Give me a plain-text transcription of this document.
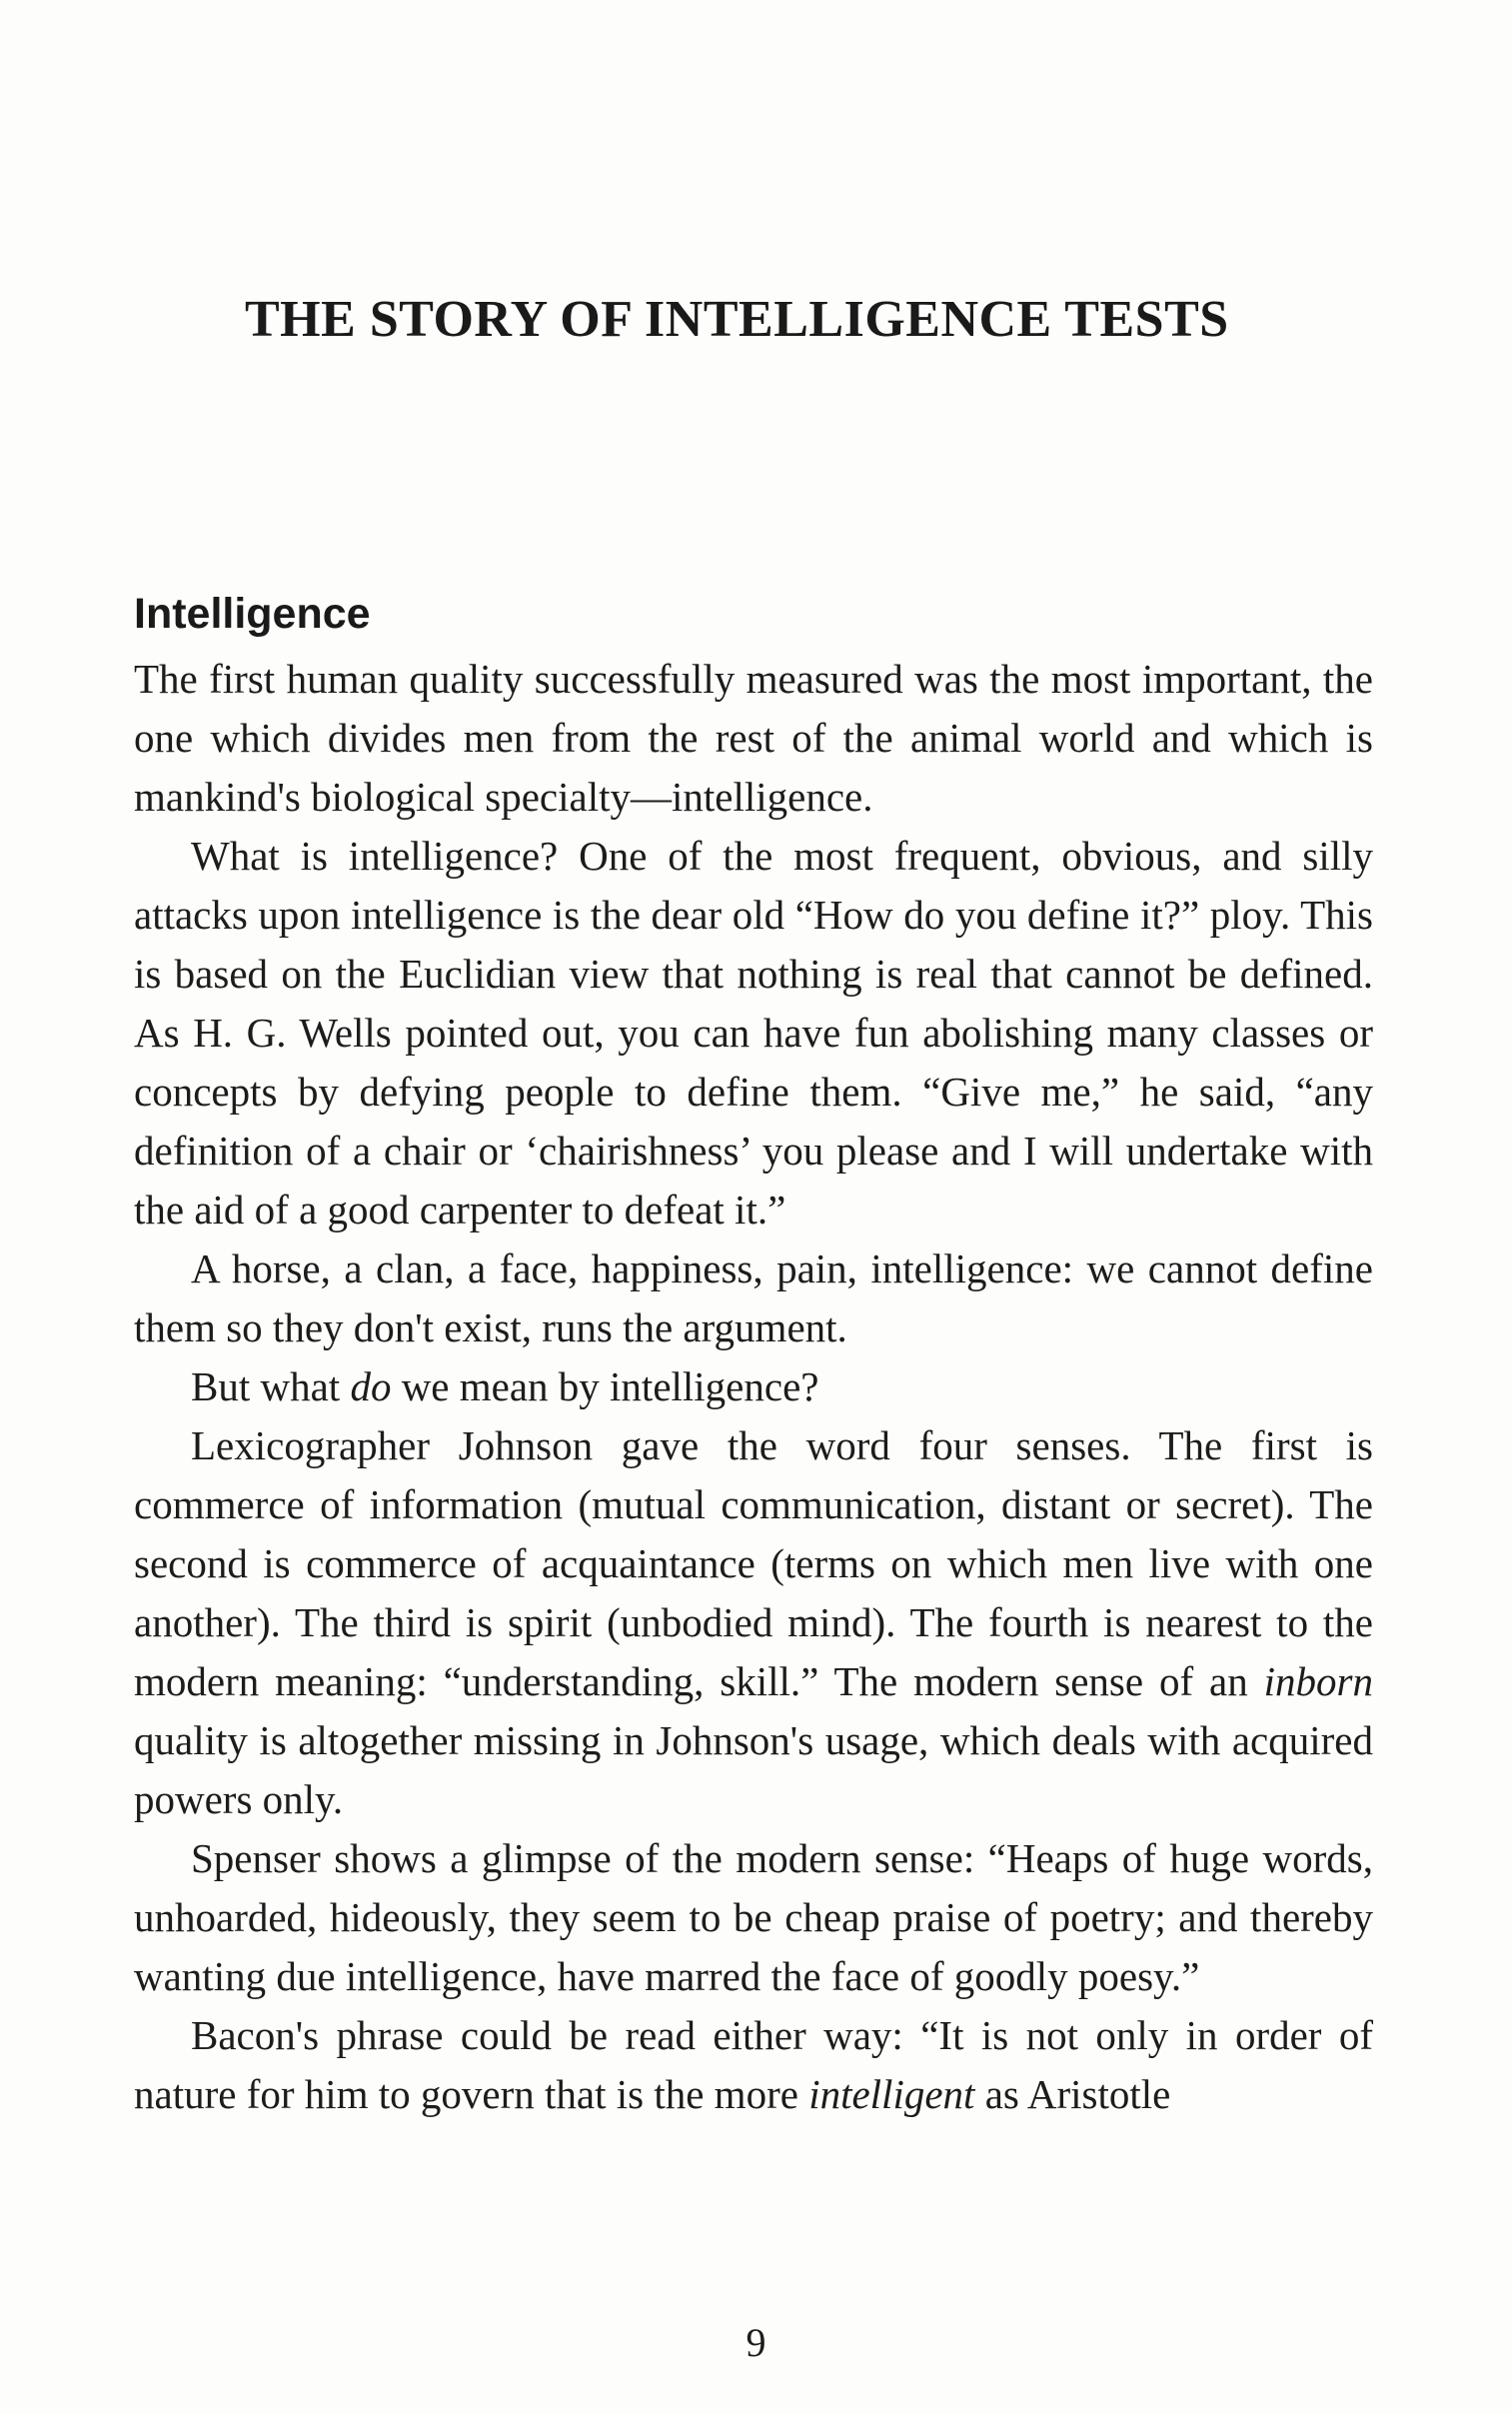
THE STORY OF INTELLIGENCE TESTS
Intelligence

The first human quality successfully measured was the most important, the one which divides men from the rest of the animal world and which is mankind's biological specialty—intelligence.

What is intelligence? One of the most frequent, obvious, and silly attacks upon intelligence is the dear old “How do you define it?” ploy. This is based on the Euclidian view that nothing is real that cannot be defined. As H. G. Wells pointed out, you can have fun abolishing many classes or concepts by defying people to define them. “Give me,” he said, “any definition of a chair or ‘chairishness’ you please and I will undertake with the aid of a good carpenter to defeat it.”

A horse, a clan, a face, happiness, pain, intelligence: we cannot define them so they don't exist, runs the argument.

But what do we mean by intelligence?

Lexicographer Johnson gave the word four senses. The first is commerce of information (mutual communication, distant or secret). The second is commerce of acquaintance (terms on which men live with one another). The third is spirit (unbodied mind). The fourth is nearest to the modern meaning: “understanding, skill.” The modern sense of an inborn quality is altogether missing in Johnson's usage, which deals with acquired powers only.

Spenser shows a glimpse of the modern sense: “Heaps of huge words, unhoarded, hideously, they seem to be cheap praise of poetry; and thereby wanting due intelligence, have marred the face of goodly poesy.”

Bacon's phrase could be read either way: “It is not only in order of nature for him to govern that is the more intelligent as Aristotle

9
